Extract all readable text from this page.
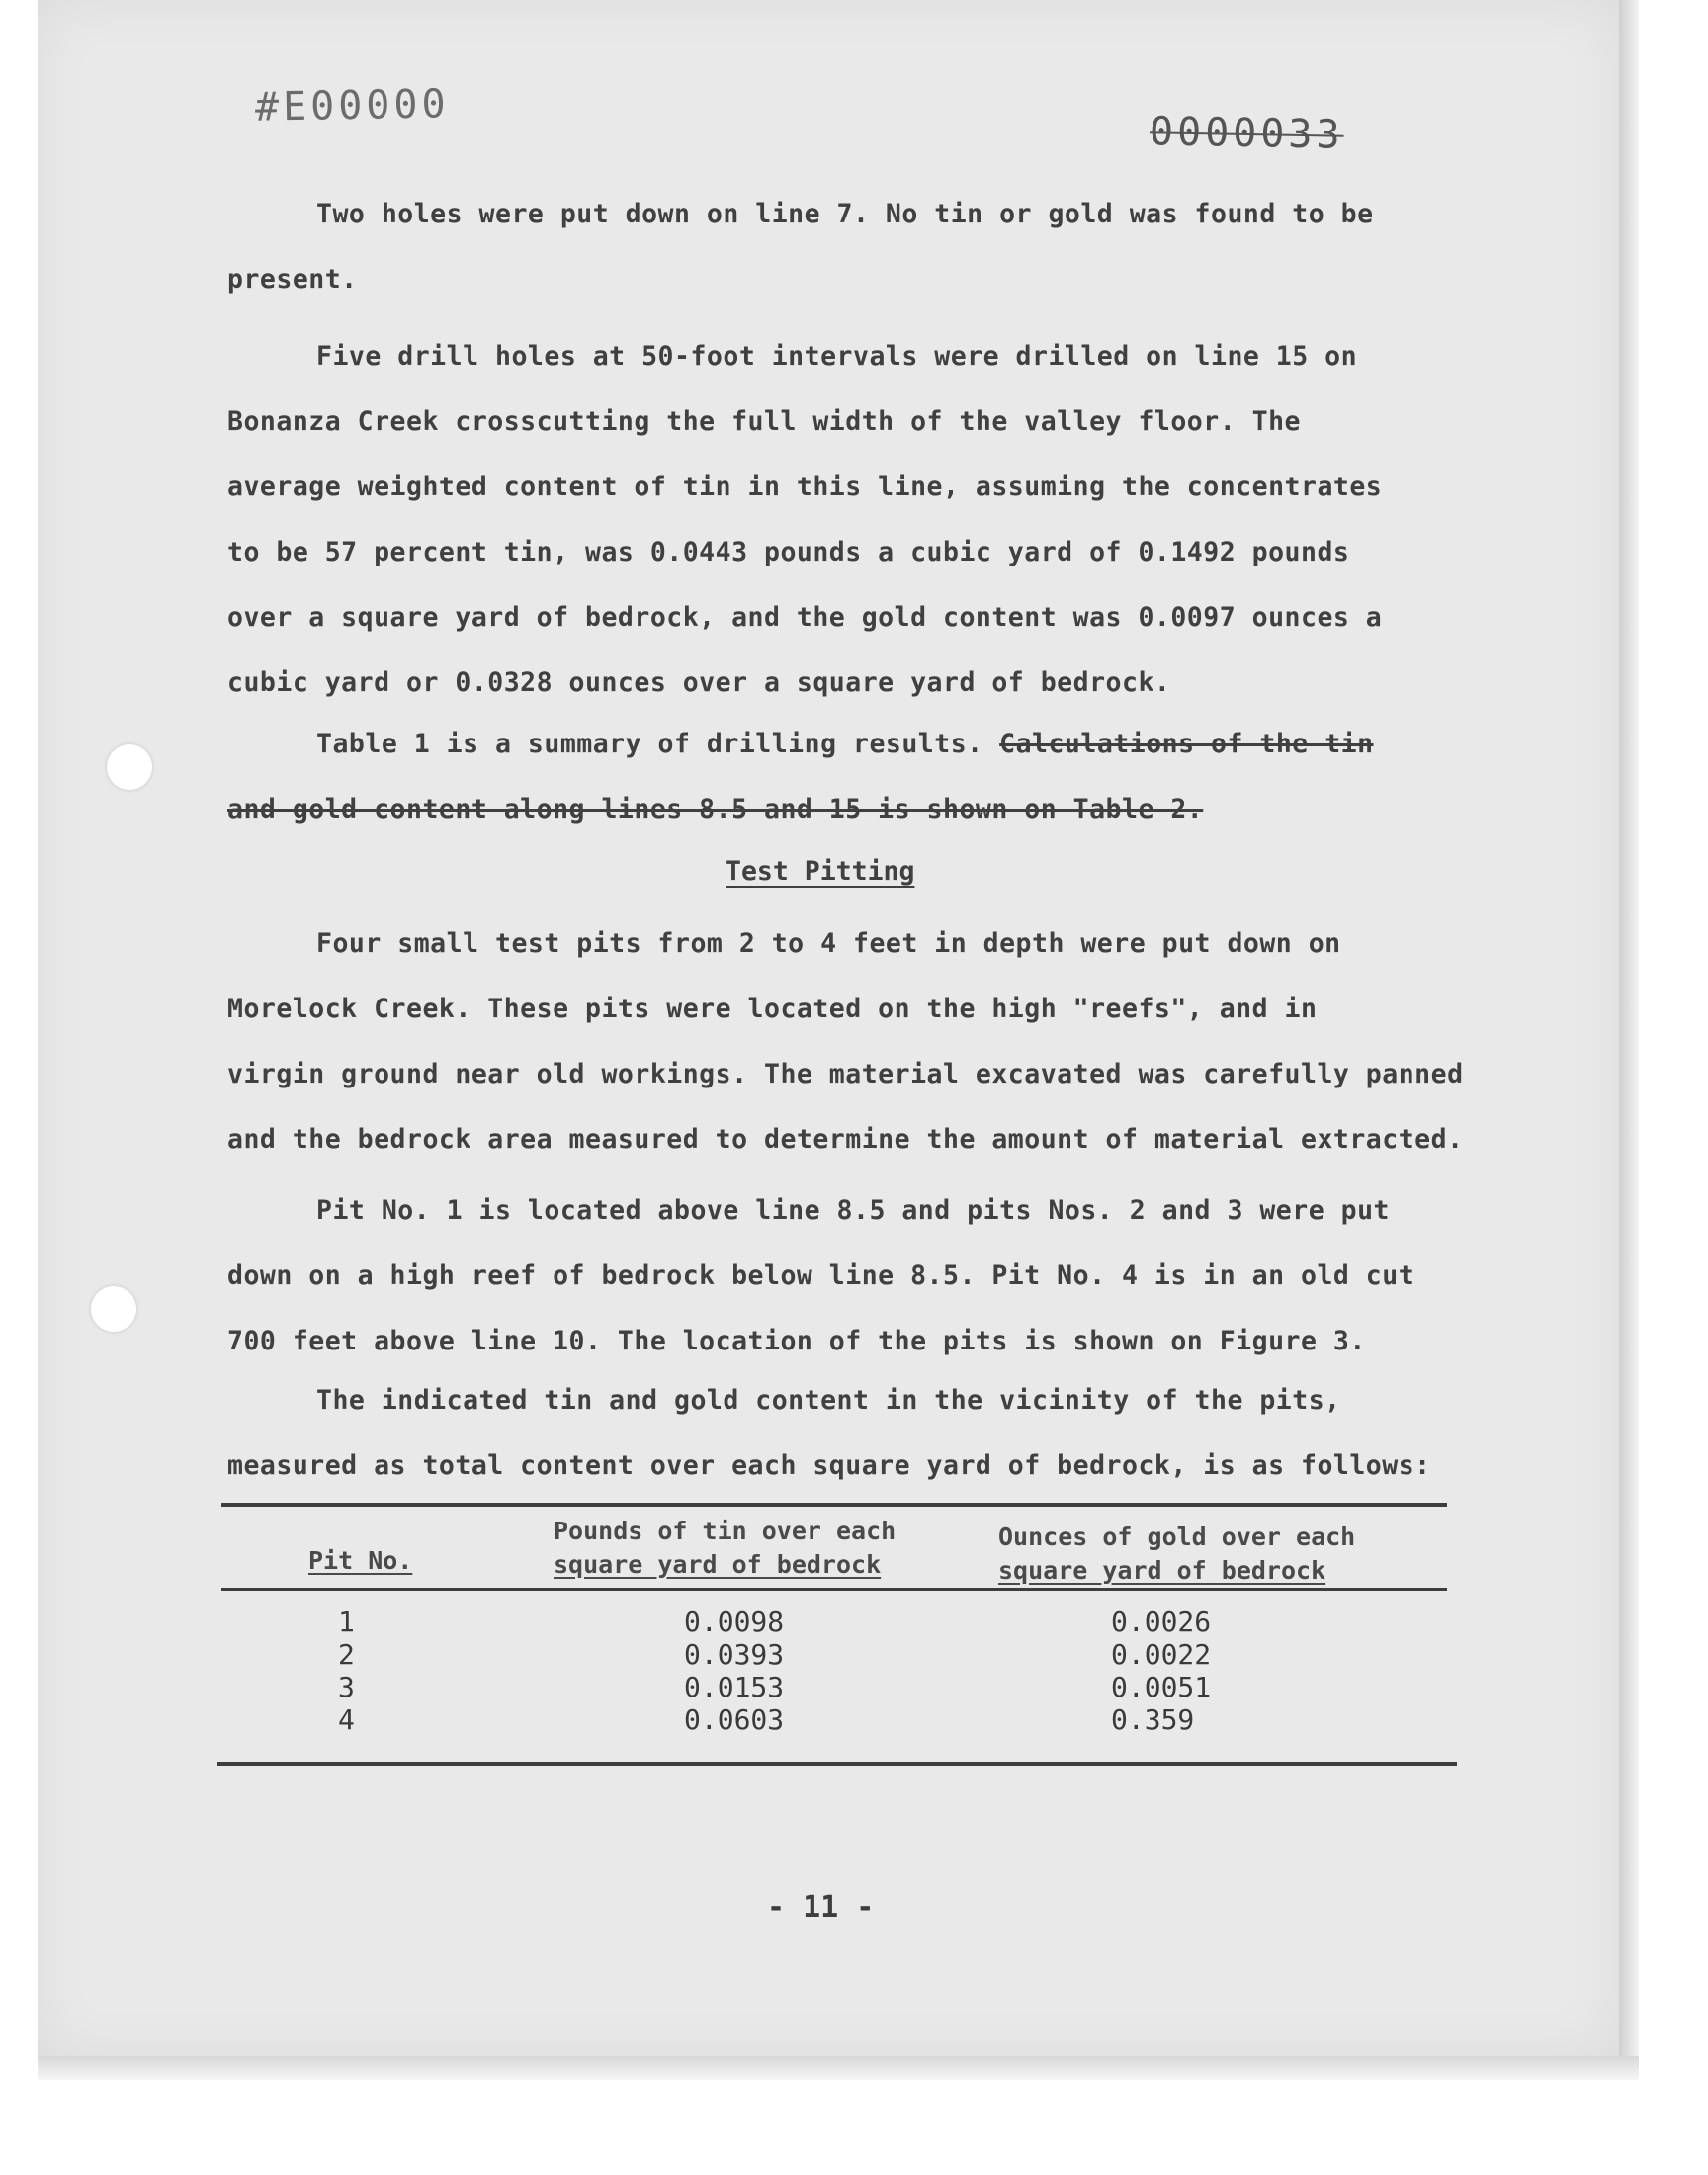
#E00000
0000033

Two holes were put down on line 7. No tin or gold was found to be

present.

Five drill holes at 50-foot intervals were drilled on line 15 on

Bonanza Creek crosscutting the full width of the valley floor. The

average weighted content of tin in this line, assuming the concentrates

to be 57 percent tin, was 0.0443 pounds a cubic yard of 0.1492 pounds

over a square yard of bedrock, and the gold content was 0.0097 ounces a

cubic yard or 0.0328 ounces over a square yard of bedrock.

Table 1 is a summary of drilling results. Calculations of the tin

and gold content along lines 8.5 and 15 is shown on Table 2.

Test Pitting

Four small test pits from 2 to 4 feet in depth were put down on

Morelock Creek. These pits were located on the high "reefs", and in

virgin ground near old workings. The material excavated was carefully panned

and the bedrock area measured to determine the amount of material extracted.

Pit No. 1 is located above line 8.5 and pits Nos. 2 and 3 were put

down on a high reef of bedrock below line 8.5. Pit No. 4 is in an old cut

700 feet above line 10. The location of the pits is shown on Figure 3.

The indicated tin and gold content in the vicinity of the pits,

measured as total content over each square yard of bedrock, is as follows:

Pit No.
Pounds of tin over each
square yard of bedrock
Ounces of gold over each
square yard of bedrock
1
2
3
4
0.0098
0.0393
0.0153
0.0603
0.0026
0.0022
0.0051
0.359
- 11 -
